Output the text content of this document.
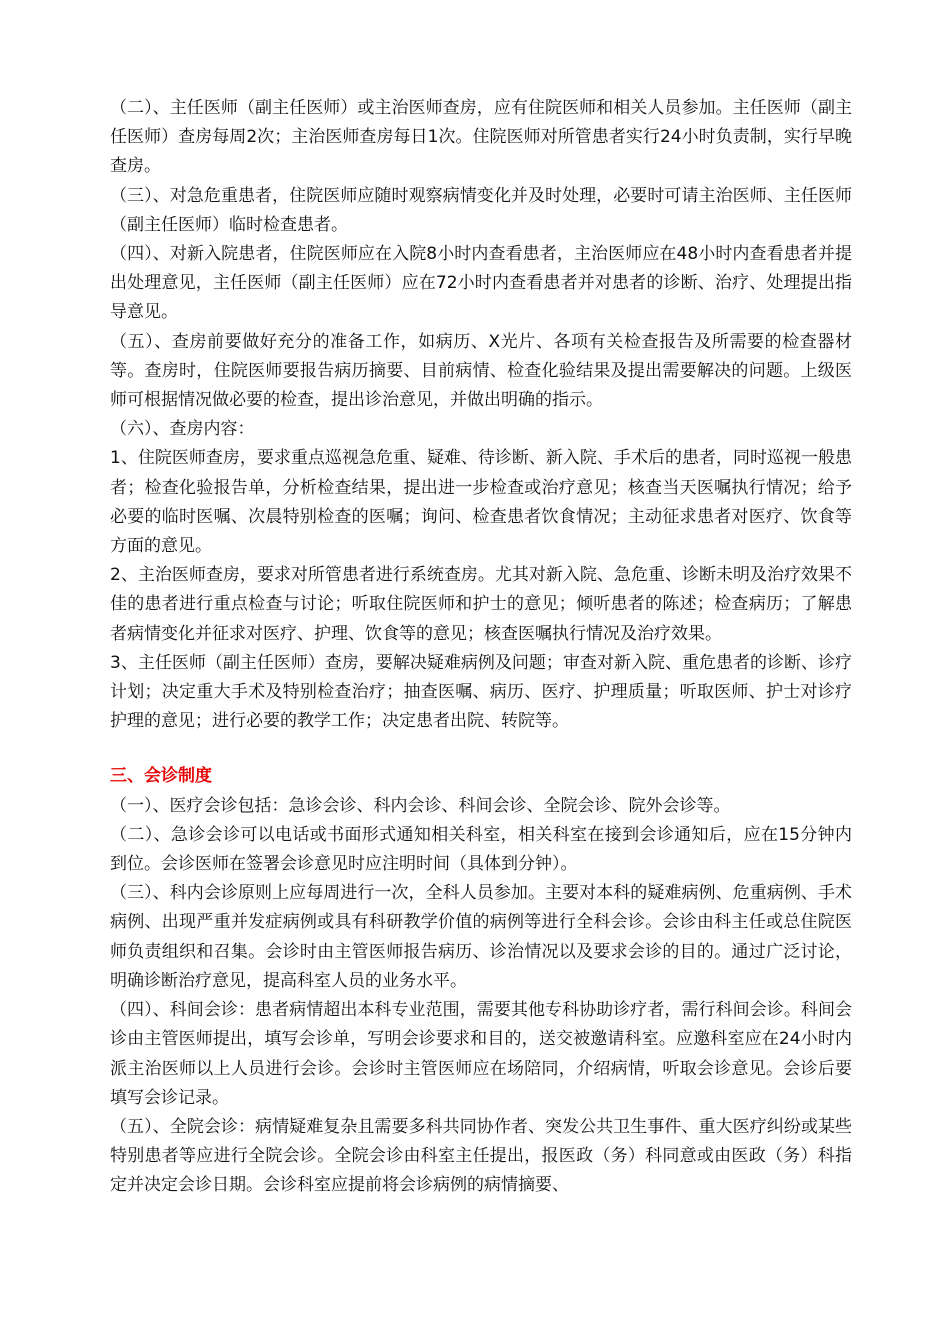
（二）、主任医师（副主任医师）或主治医师查房，应有住院医师和相关人员参加。主任医师（副主任医师）查房每周2次；主治医师查房每日1次。住院医师对所管患者实行24小时负责制，实行早晚查房。

（三）、对急危重患者，住院医师应随时观察病情变化并及时处理，必要时可请主治医师、主任医师（副主任医师）临时检查患者。

（四）、对新入院患者，住院医师应在入院8小时内查看患者，主治医师应在48小时内查看患者并提出处理意见，主任医师（副主任医师）应在72小时内查看患者并对患者的诊断、治疗、处理提出指导意见。

（五）、查房前要做好充分的准备工作，如病历、X光片、各项有关检查报告及所需要的检查器材等。查房时，住院医师要报告病历摘要、目前病情、检查化验结果及提出需要解决的问题。上级医师可根据情况做必要的检查，提出诊治意见，并做出明确的指示。

（六）、查房内容：

1、住院医师查房，要求重点巡视急危重、疑难、待诊断、新入院、手术后的患者，同时巡视一般患者；检查化验报告单，分析检查结果，提出进一步检查或治疗意见；核查当天医嘱执行情况；给予必要的临时医嘱、次晨特别检查的医嘱；询问、检查患者饮食情况；主动征求患者对医疗、饮食等方面的意见。

2、主治医师查房，要求对所管患者进行系统查房。尤其对新入院、急危重、诊断未明及治疗效果不佳的患者进行重点检查与讨论；听取住院医师和护士的意见；倾听患者的陈述；检查病历；了解患者病情变化并征求对医疗、护理、饮食等的意见；核查医嘱执行情况及治疗效果。

3、主任医师（副主任医师）查房，要解决疑难病例及问题；审查对新入院、重危患者的诊断、诊疗计划；决定重大手术及特别检查治疗；抽查医嘱、病历、医疗、护理质量；听取医师、护士对诊疗护理的意见；进行必要的教学工作；决定患者出院、转院等。

三、会诊制度

（一）、医疗会诊包括：急诊会诊、科内会诊、科间会诊、全院会诊、院外会诊等。

（二）、急诊会诊可以电话或书面形式通知相关科室，相关科室在接到会诊通知后，应在15分钟内到位。会诊医师在签署会诊意见时应注明时间（具体到分钟）。

（三）、科内会诊原则上应每周进行一次，全科人员参加。主要对本科的疑难病例、危重病例、手术病例、出现严重并发症病例或具有科研教学价值的病例等进行全科会诊。会诊由科主任或总住院医师负责组织和召集。会诊时由主管医师报告病历、诊治情况以及要求会诊的目的。通过广泛讨论，明确诊断治疗意见，提高科室人员的业务水平。

（四）、科间会诊：患者病情超出本科专业范围，需要其他专科协助诊疗者，需行科间会诊。科间会诊由主管医师提出，填写会诊单，写明会诊要求和目的，送交被邀请科室。应邀科室应在24小时内派主治医师以上人员进行会诊。会诊时主管医师应在场陪同，介绍病情，听取会诊意见。会诊后要填写会诊记录。

（五）、全院会诊：病情疑难复杂且需要多科共同协作者、突发公共卫生事件、重大医疗纠纷或某些特别患者等应进行全院会诊。全院会诊由科室主任提出，报医政（务）科同意或由医政（务）科指定并决定会诊日期。会诊科室应提前将会诊病例的病情摘要、
